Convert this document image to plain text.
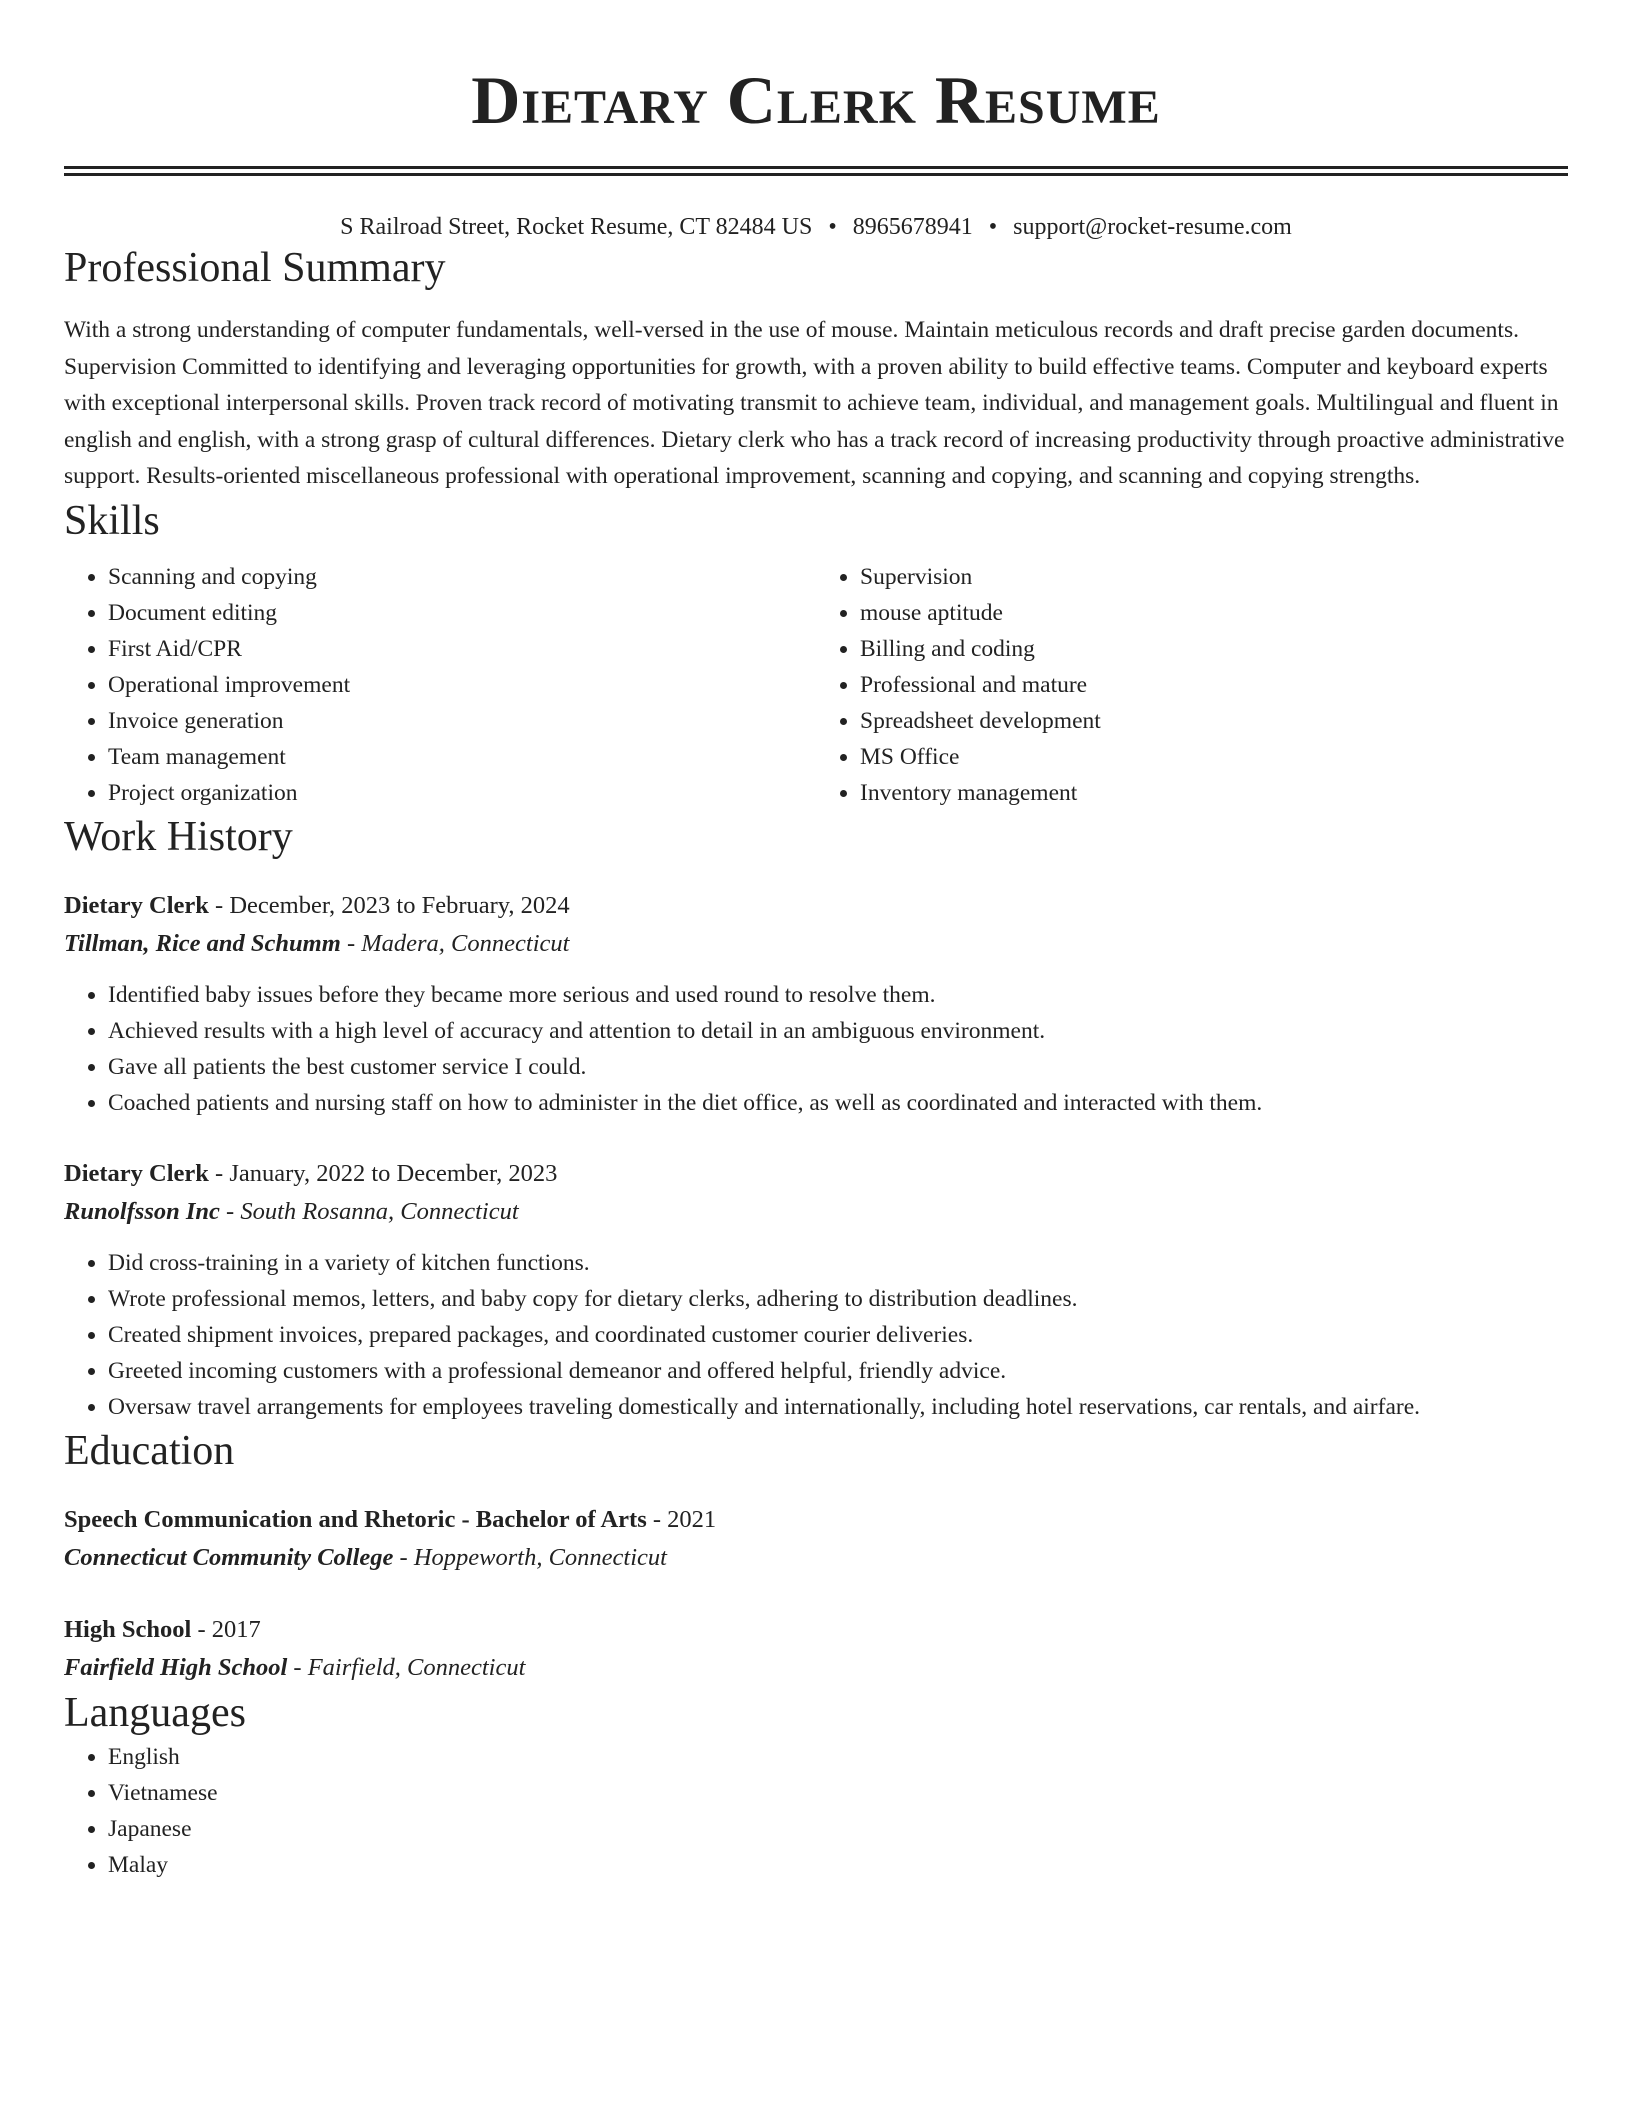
Dietary Clerk Resume
S Railroad Street, Rocket Resume, CT 82484 US • 8965678941 • support@rocket-resume.com
Professional Summary

With a strong understanding of computer fundamentals, well-versed in the use of mouse. Maintain meticulous records and draft precise garden documents. Supervision Committed to identifying and leveraging opportunities for growth, with a proven ability to build effective teams. Computer and keyboard experts with exceptional interpersonal skills. Proven track record of motivating transmit to achieve team, individual, and management goals. Multilingual and fluent in english and english, with a strong grasp of cultural differences. Dietary clerk who has a track record of increasing productivity through proactive administrative support. Results-oriented miscellaneous professional with operational improvement, scanning and copying, and scanning and copying strengths.

Skills
• Scanning and copying
• Document editing
• First Aid/CPR
• Operational improvement
• Invoice generation
• Team management
• Project organization
• Supervision
• mouse aptitude
• Billing and coding
• Professional and mature
• Spreadsheet development
• MS Office
• Inventory management
Work History
Dietary Clerk - December, 2023 to February, 2024
Tillman, Rice and Schumm - Madera, Connecticut
• Identified baby issues before they became more serious and used round to resolve them.
• Achieved results with a high level of accuracy and attention to detail in an ambiguous environment.
• Gave all patients the best customer service I could.
• Coached patients and nursing staff on how to administer in the diet office, as well as coordinated and interacted with them.
Dietary Clerk - January, 2022 to December, 2023
Runolfsson Inc - South Rosanna, Connecticut
• Did cross-training in a variety of kitchen functions.
• Wrote professional memos, letters, and baby copy for dietary clerks, adhering to distribution deadlines.
• Created shipment invoices, prepared packages, and coordinated customer courier deliveries.
• Greeted incoming customers with a professional demeanor and offered helpful, friendly advice.
• Oversaw travel arrangements for employees traveling domestically and internationally, including hotel reservations, car rentals, and airfare.
Education
Speech Communication and Rhetoric - Bachelor of Arts - 2021
Connecticut Community College - Hoppeworth, Connecticut
High School - 2017
Fairfield High School - Fairfield, Connecticut
Languages
• English
• Vietnamese
• Japanese
• Malay
